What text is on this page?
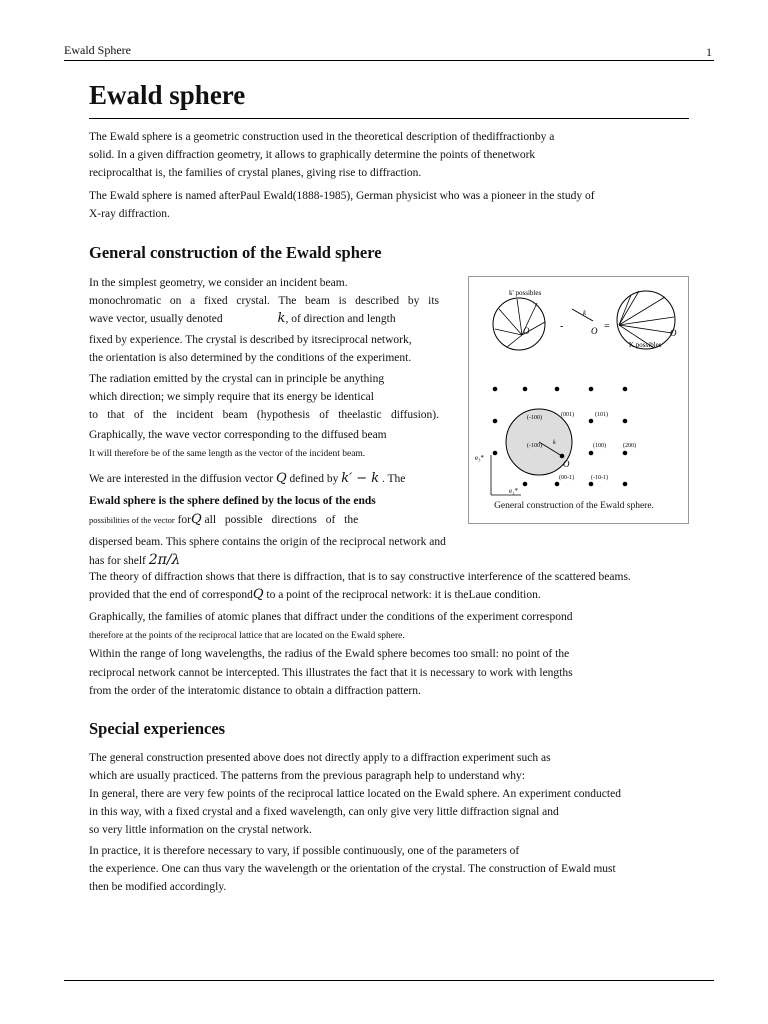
Ewald Sphere	1
Ewald sphere
The Ewald sphere is a geometric construction used in the theoretical description of thediffractionby a
solid. In a given diffraction geometry, it allows to graphically determine the points of thenetwork
reciprocalthat is, the families of crystal planes, giving rise to diffraction.
The Ewald sphere is named afterPaul Ewald(1888-1985), German physicist who was a pioneer in the study of
X-ray diffraction.
General construction of the Ewald sphere
In the simplest geometry, we consider an incident beam.
monochromatic on a fixed crystal. The beam is described by its
wave vector, usually denoted	k, of direction and length
fixed by experience. The crystal is described by itsreciprocal network,
the orientation is also determined by the conditions of the experiment.
The radiation emitted by the crystal can in principle be anything
which direction; we simply require that its energy be identical
to that of the incident beam (hypothesis of theelastic diffusion).
Graphically, the wave vector corresponding to the diffused beam
It will therefore be of the same length as the vector of the incident beam.
We are interested in the diffusion vector Q defined by k′ − k . The
Ewald sphere is the sphere defined by the locus of the ends
possibilities of the vector forQ all possible directions of the
dispersed beam. This sphere contains the origin of the reciprocal network and
has for shelf 2π/λ
The theory of diffraction shows that there is diffraction, that is to say constructive interference of the scattered beams.
provided that the end of correspondQ to a point of the reciprocal network: it is theLaue condition.
Graphically, the families of atomic planes that diffract under the conditions of the experiment correspond
therefore at the points of the reciprocal lattice that are located on the Ewald sphere.
Within the range of long wavelengths, the radius of the Ewald sphere becomes too small: no point of the
reciprocal network cannot be intercepted. This illustrates the fact that it is necessary to work with lengths
from the order of the interatomic distance to obtain a diffraction pattern.
k' possibles
O	-
k
O =
O
K possibles
k
O
(-100)	(001)	(101)
(-100)	(100)	(200)
(00-1)	(-10-1)
e₃*
e₁*
General construction of the Ewald sphere.
Special experiences
The general construction presented above does not directly apply to a diffraction experiment such as
which are usually practiced. The patterns from the previous paragraph help to understand why:
In general, there are very few points of the reciprocal lattice located on the Ewald sphere. An experiment conducted
in this way, with a fixed crystal and a fixed wavelength, can only give very little diffraction signal and
so very little information on the crystal network.
In practice, it is therefore necessary to vary, if possible continuously, one of the parameters of
the experience. One can thus vary the wavelength or the orientation of the crystal. The construction of Ewald must
then be modified accordingly.
